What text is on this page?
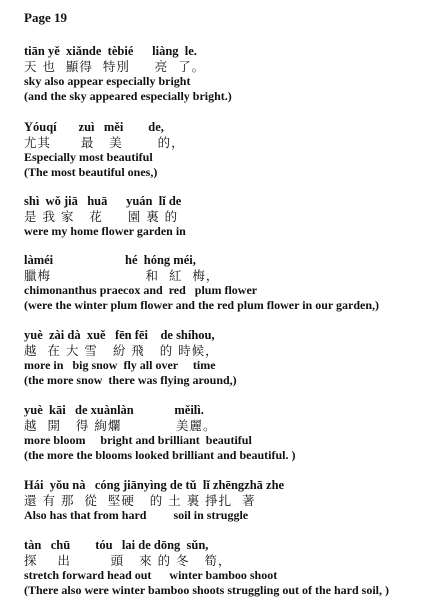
Page 19
tiān yě  xiǎnde  tèbié      liàng  le.
天 也  顯得  特別     亮  了。
sky also appear especially bright
(and the sky appeared especially bright.)
Yóuqí       zuì   měi        de,
尤其      最   美       的，
Especially most beautiful
(The most beautiful ones,)
shì  wǒ jiā   huā      yuán  lǐ de
是 我 家   花     園 裏 的
were my home flower garden in
làméi                       hé  hóng méi,
臘梅                   和  紅  梅，
chimonanthus praecox and  red   plum flower
(were the winter plum flower and the red plum flower in our garden,)
yuè  zài dà  xuě   fēn fēi    de shíhou,
越  在 大 雪   紛 飛   的 時候，
more in   big snow  fly all over     time
(the more snow  there was flying around,)
yuè  kāi   de xuànlàn             měilì.
越  開   得 絢爛           美麗。
more bloom     bright and brilliant  beautiful
(the more the blooms looked brilliant and beautiful. )
Hái  yǒu nà   cóng jiānyìng de tǔ  lǐ zhēngzhā zhe
還 有 那  從  堅硬   的 土 裏 掙扎  著
Also has that from hard         soil in struggle
tàn   chū        tóu   lai de dōng  sǔn,
探    出        頭   來 的 冬   筍，
stretch forward head out      winter bamboo shoot
(There also were winter bamboo shoots struggling out of the hard soil, )
